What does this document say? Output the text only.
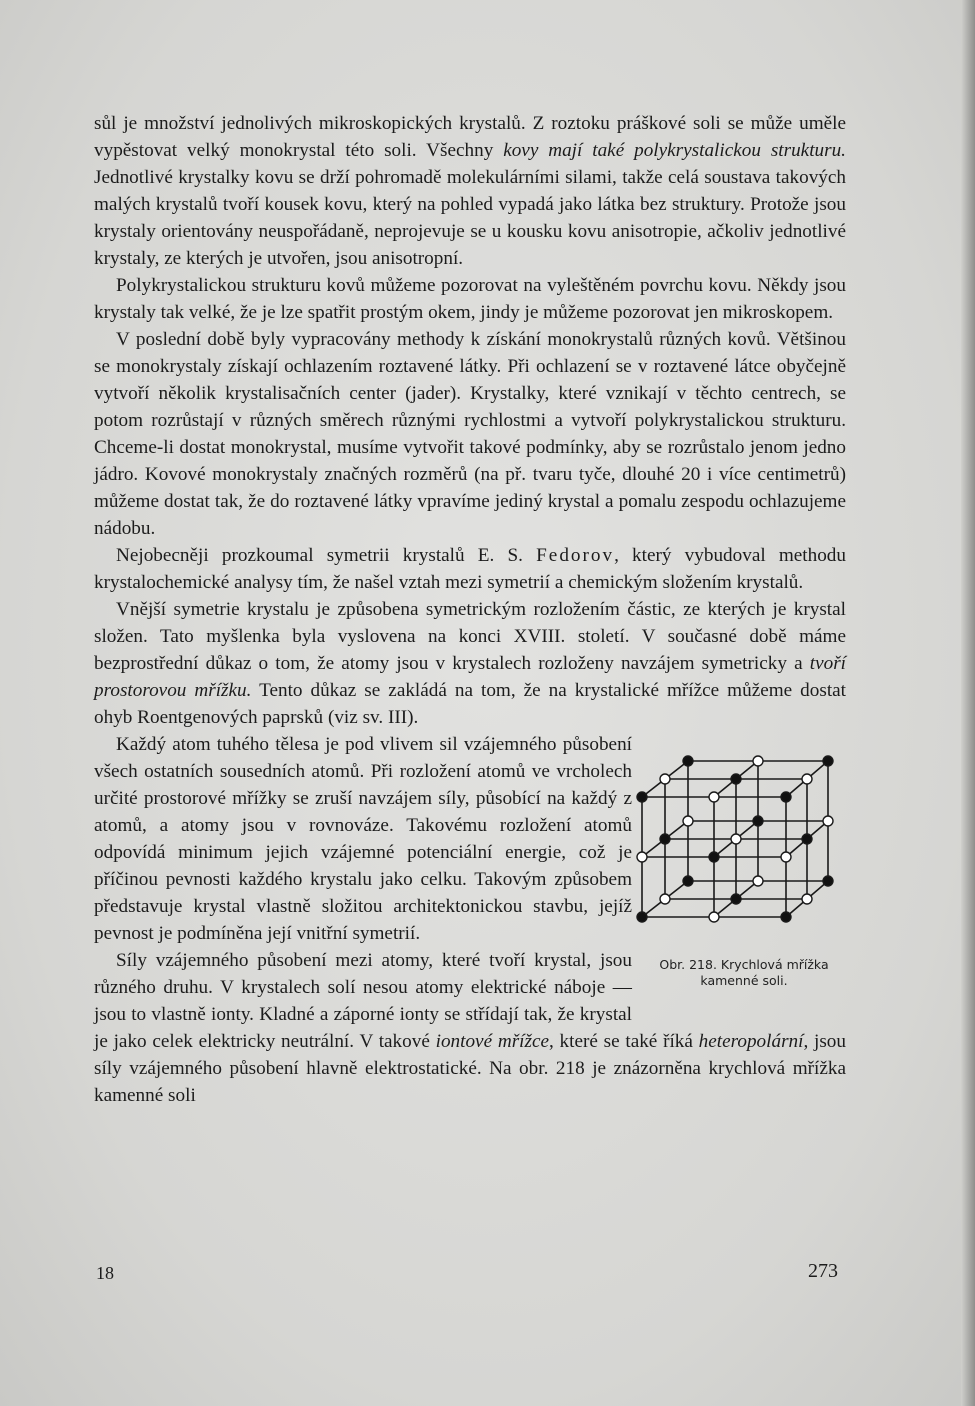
sůl je množství jednolivých mikroskopických krystalů. Z roztoku práškové soli se může uměle vypěstovat velký monokrystal této soli. Všechny kovy mají také polykrystalickou strukturu. Jednotlivé krystalky kovu se drží pohromadě molekulárními silami, takže celá soustava takových malých krystalů tvoří kousek kovu, který na pohled vypadá jako látka bez struktury. Protože jsou krystaly orientovány neuspořádaně, neprojevuje se u kousku kovu anisotropie, ačkoliv jednotlivé krystaly, ze kterých je utvořen, jsou anisotropní.

Polykrystalickou strukturu kovů můžeme pozorovat na vyleštěném povrchu kovu. Někdy jsou krystaly tak velké, že je lze spatřit prostým okem, jindy je můžeme pozorovat jen mikroskopem.

V poslední době byly vypracovány methody k získání monokrystalů různých kovů. Většinou se monokrystaly získají ochlazením roztavené látky. Při ochlazení se v roztavené látce obyčejně vytvoří několik krystalisačních center (jader). Krystalky, které vznikají v těchto centrech, se potom rozrůstají v různých směrech různými rychlostmi a vytvoří polykrystalickou strukturu. Chceme-li dostat monokrystal, musíme vytvořit takové podmínky, aby se rozrůstalo jenom jedno jádro. Kovové monokrystaly značných rozměrů (na př. tvaru tyče, dlouhé 20 i více centimetrů) můžeme dostat tak, že do roztavené látky vpravíme jediný krystal a pomalu zespodu ochlazujeme nádobu.

Nejobecněji prozkoumal symetrii krystalů E. S. Fedorov, který vybudoval methodu krystalochemické analysy tím, že našel vztah mezi symetrií a chemickým složením krystalů.

Vnější symetrie krystalu je způsobena symetrickým rozložením částic, ze kterých je krystal složen. Tato myšlenka byla vyslovena na konci XVIII. století. V současné době máme bezprostřední důkaz o tom, že atomy jsou v krystalech rozloženy navzájem symetricky a tvoří prostorovou mřížku. Tento důkaz se zakládá na tom, že na krystalické mřížce můžeme dostat ohyb Roentgenových paprsků (viz sv. III).

Obr. 218. Krychlová mřížka kamenné soli.

Každý atom tuhého tělesa je pod vlivem sil vzájemného působení všech ostatních sousedních atomů. Při rozložení atomů ve vrcholech určité prostorové mřížky se zruší navzájem síly, působící na každý z atomů, a atomy jsou v rovnováze. Takovému rozložení atomů odpovídá minimum jejich vzájemné potenciální energie, což je příčinou pevnosti každého krystalu jako celku. Takovým způsobem představuje krystal vlastně složitou architektonickou stavbu, jejíž pevnost je podmíněna její vnitřní symetrií.

Síly vzájemného působení mezi atomy, které tvoří krystal, jsou různého druhu. V krystalech solí nesou atomy elektrické náboje — jsou to vlastně ionty. Kladné a záporné ionty se střídají tak, že krystal je jako celek elektricky neutrální. V takové iontové mřížce, které se také říká heteropolární, jsou síly vzájemného působení hlavně elektrostatické. Na obr. 218 je znázorněna krychlová mřížka kamenné soli

18	273
